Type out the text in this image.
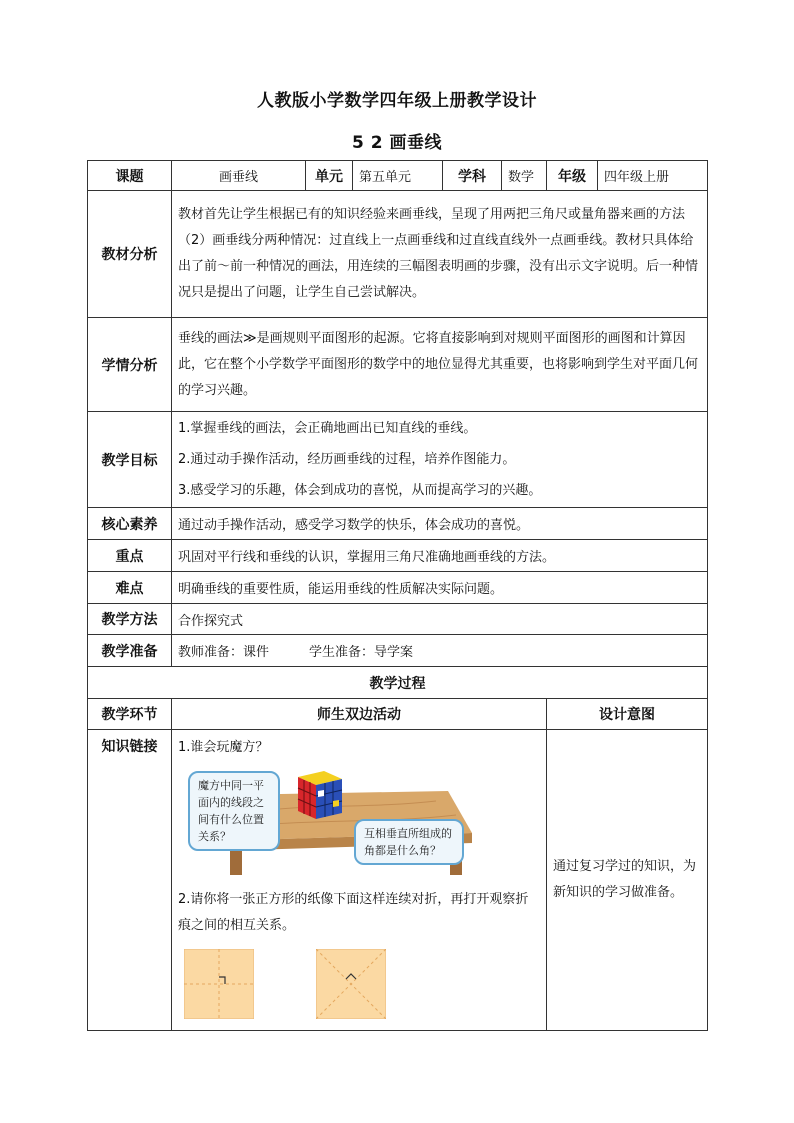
人教版小学数学四年级上册教学设计
5 2 画垂线
课题	画垂线	单元	第五单元	学科	数学	年级	四年级上册
教材分析	教材首先让学生根据已有的知识经验来画垂线，呈现了用两把三角尺或量角器来画的方法（2）画垂线分两种情况：过直线上一点画垂线和过直线直线外一点画垂线。教材只具体给出了前～前一种情况的画法，用连续的三幅图表明画的步骤，没有出示文字说明。后一种情况只是提出了问题，让学生自己尝试解决。						
学情分析	垂线的画法≫是画规则平面图形的起源。它将直接影响到对规则平面图形的画图和计算因此，它在整个小学数学平面图形的数学中的地位显得尤其重要，也将影响到学生对平面几何的学习兴趣。						
教学目标	1.掌握垂线的画法，会正确地画出已知直线的垂线。
2.通过动手操作活动，经历画垂线的过程，培养作图能力。
3.感受学习的乐趣，体会到成功的喜悦，从而提高学习的兴趣。						

核心素养	通过动手操作活动，感受学习数学的快乐，体会成功的喜悦。						
重点	巩固对平行线和垂线的认识，掌握用三角尺准确地画垂线的方法。						
难点	明确垂线的重要性质，能运用垂线的性质解决实际问题。						
教学方法	合作探究式						
教学准备	教师准备：课件 学生准备：导学案						
教学过程							
教学环节	师生双边活动					设计意图	
知识链接	1.谁会玩魔方？
魔方中同一平面内的线段之间有什么位置关系？ 互相垂直所组成的角都是什么角？
2.请你将一张正方形的纸像下面这样连续对折，再打开观察折痕之间的相互关系。					通过复习学过的知识，为新知识的学习做准备。	
